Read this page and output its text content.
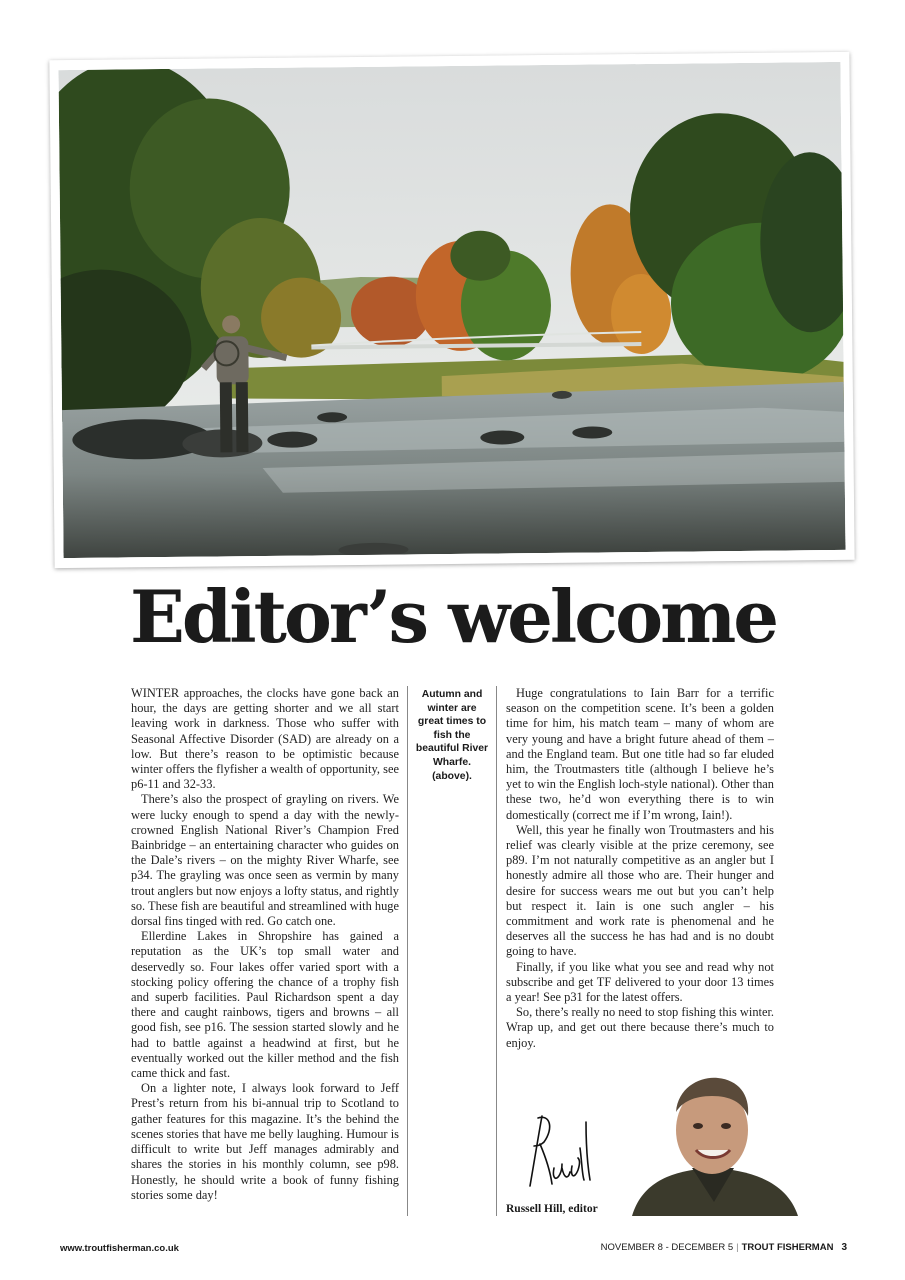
Editor’s welcome

WINTER approaches, the clocks have gone back an hour, the days are getting shorter and we all start leaving work in darkness. Those who suffer with Seasonal Affective Disorder (SAD) are already on a low. But there’s reason to be optimistic because winter offers the flyfisher a wealth of opportunity, see p6-11 and 32-33.

There’s also the prospect of grayling on rivers. We were lucky enough to spend a day with the newly-crowned English National River’s Champion Fred Bainbridge – an entertaining character who guides on the Dale’s rivers – on the mighty River Wharfe, see p34. The grayling was once seen as vermin by many trout anglers but now enjoys a lofty status, and rightly so. These fish are beautiful and streamlined with huge dorsal fins tinged with red. Go catch one.

Ellerdine Lakes in Shropshire has gained a reputation as the UK’s top small water and deservedly so. Four lakes offer varied sport with a stocking policy offering the chance of a trophy fish and superb facilities. Paul Richardson spent a day there and caught rainbows, tigers and browns – all good fish, see p16. The session started slowly and he had to battle against a headwind at first, but he eventually worked out the killer method and the fish came thick and fast.

On a lighter note, I always look forward to Jeff Prest’s return from his bi-annual trip to Scotland to gather features for this magazine. It’s the behind the scenes stories that have me belly laughing. Humour is difficult to write but Jeff manages admirably and shares the stories in his monthly column, see p98. Honestly, he should write a book of funny fishing stories some day!

Autumn and winter are great times to fish the beautiful River Wharfe. (above).

Huge congratulations to Iain Barr for a terrific season on the competition scene. It’s been a golden time for him, his match team – many of whom are very young and have a bright future ahead of them – and the England team. But one title had so far eluded him, the Troutmasters title (although I believe he’s yet to win the English loch-style national). Other than these two, he’d won everything there is to win domestically (correct me if I’m wrong, Iain!).

Well, this year he finally won Troutmasters and his relief was clearly visible at the prize ceremony, see p89. I’m not naturally competitive as an angler but I honestly admire all those who are. Their hunger and desire for success wears me out but you can’t help but respect it. Iain is one such angler – his commitment and work rate is phenomenal and he deserves all the success he has had and is no doubt going to have.

Finally, if you like what you see and read why not subscribe and get TF delivered to your door 13 times a year! See p31 for the latest offers.

So, there’s really no need to stop fishing this winter. Wrap up, and get out there because there’s much to enjoy.

Russell Hill, editor
www.troutfisherman.co.uk	NOVEMBER 8 - DECEMBER 5 | TROUT FISHERMAN 3
